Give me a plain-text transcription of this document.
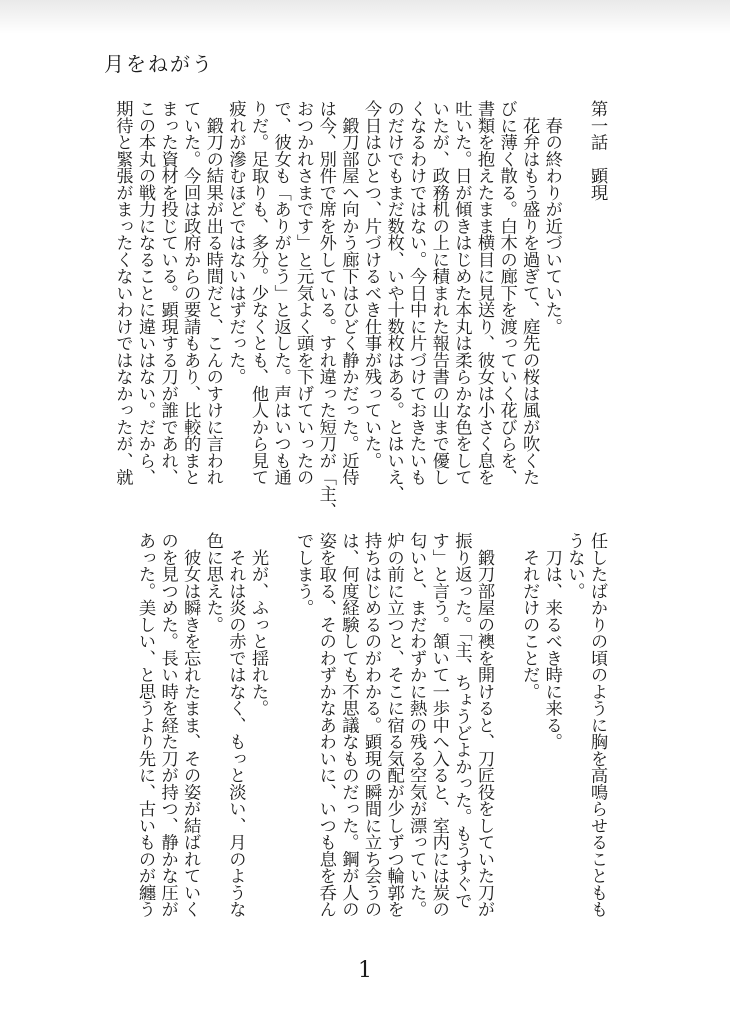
月をねがう
第一話　顕現
　春の終わりが近づいていた。
　花弁はもう盛りを過ぎて、庭先の桜は風が吹くた
びに薄く散る。白木の廊下を渡っていく花びらを、
書類を抱えたまま横目に見送り、彼女は小さく息を
吐いた。日が傾きはじめた本丸は柔らかな色をして
いたが、政務机の上に積まれた報告書の山まで優し
くなるわけではない。今日中に片づけておきたいも
のだけでもまだ数枚、いや十数枚はある。とはいえ、
今日はひとつ、片づけるべき仕事が残っていた。
　鍛刀部屋へ向かう廊下はひどく静かだった。近侍
は今、別件で席を外している。すれ違った短刀が「主、
おつかれさまです」と元気よく頭を下げていったの
で、彼女も「ありがとう」と返した。声はいつも通
りだ。足取りも、多分。少なくとも、他人から見て
疲れが滲むほどではないはずだった。
　鍛刀の結果が出る時間だと、こんのすけに言われ
ていた。今回は政府からの要請もあり、比較的まと
まった資材を投じている。顕現する刀が誰であれ、
この本丸の戦力になることに違いはない。だから、
期待と緊張がまったくないわけではなかったが、就
任したばかりの頃のように胸を高鳴らせることもも
うない。
　刀は、来るべき時に来る。
　それだけのことだ。
　鍛刀部屋の襖を開けると、刀匠役をしていた刀が
振り返った。「主、ちょうどよかった。もうすぐで
す」と言う。頷いて一歩中へ入ると、室内には炭の
匂いと、まだわずかに熱の残る空気が漂っていた。
炉の前に立つと、そこに宿る気配が少しずつ輪郭を
持ちはじめるのがわかる。顕現の瞬間に立ち会うの
は、何度経験しても不思議なものだった。鋼が人の
姿を取る、そのわずかなあわいに、いつも息を呑ん
でしまう。
　光が、ふっと揺れた。
　それは炎の赤ではなく、もっと淡い、月のような
色に思えた。
　彼女は瞬きを忘れたまま、その姿が結ばれていく
のを見つめた。長い時を経た刀が持つ、静かな圧が
あった。美しい、と思うより先に、古いものが纏う
1
